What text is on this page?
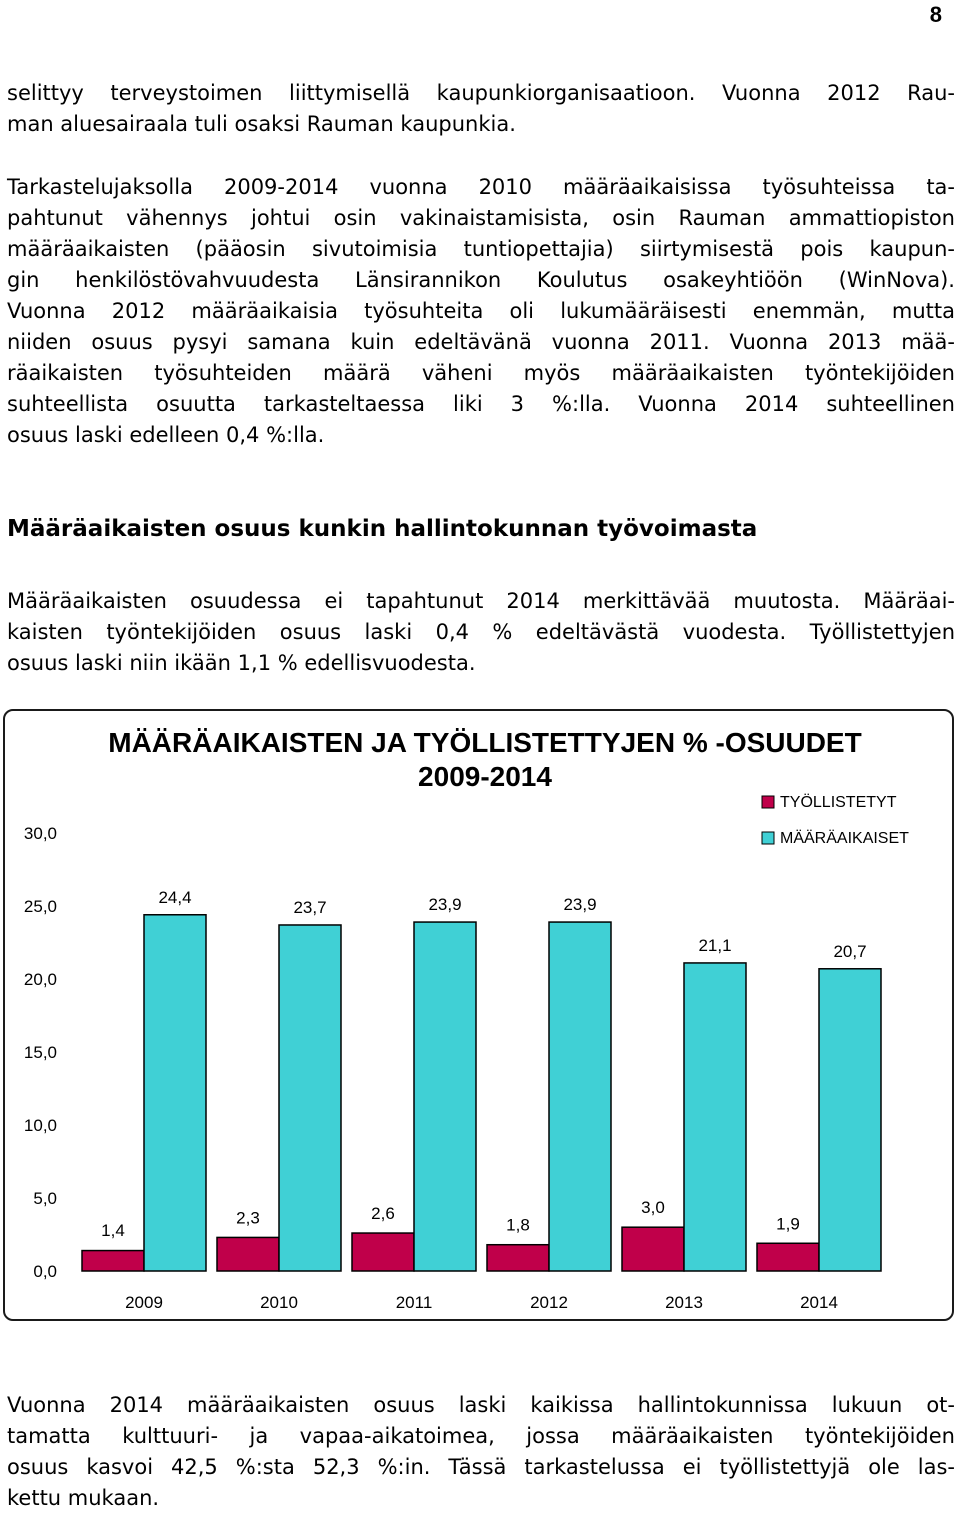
8
selittyy terveystoimen liittymisellä kaupunkiorganisaatioon. Vuonna 2012 Rau-
man aluesairaala tuli osaksi Rauman kaupunkia.
Tarkastelujaksolla 2009-2014 vuonna 2010 määräaikaisissa työsuhteissa ta-
pahtunut vähennys johtui osin vakinaistamisista, osin Rauman ammattiopiston
määräaikaisten (pääosin sivutoimisia tuntiopettajia) siirtymisestä pois kaupun-
gin henkilöstövahvuudesta Länsirannikon Koulutus osakeyhtiöön (WinNova).
Vuonna 2012 määräaikaisia työsuhteita oli lukumääräisesti enemmän, mutta
niiden osuus pysyi samana kuin edeltävänä vuonna 2011. Vuonna 2013 mää-
räaikaisten työsuhteiden määrä väheni myös määräaikaisten työntekijöiden
suhteellista osuutta tarkasteltaessa liki 3 %:lla. Vuonna 2014 suhteellinen
osuus laski edelleen 0,4 %:lla.
Määräaikaisten osuus kunkin hallintokunnan työvoimasta
Määräaikaisten osuudessa ei tapahtunut 2014 merkittävää muutosta. Määräai-
kaisten työntekijöiden osuus laski 0,4 % edeltävästä vuodesta. Työllistettyjen
osuus laski niin ikään 1,1 % edellisvuodesta.
MÄÄRÄAIKAISTEN JA TYÖLLISTETTYJEN % -OSUUDET
2009-2014
0,0
5,0
10,0
15,0
20,0
25,0
30,0
1,4
24,4
2009
2,3
23,7
2010
2,6
23,9
2011
1,8
23,9
2012
3,0
21,1
2013
1,9
20,7
2014
TYÖLLISTETYT
MÄÄRÄAIKAISET
Vuonna 2014 määräaikaisten osuus laski kaikissa hallintokunnissa lukuun ot-
tamatta kulttuuri- ja vapaa-aikatoimea, jossa määräaikaisten työntekijöiden
osuus kasvoi 42,5 %:sta 52,3 %:in. Tässä tarkastelussa ei työllistettyjä ole las-
kettu mukaan.
